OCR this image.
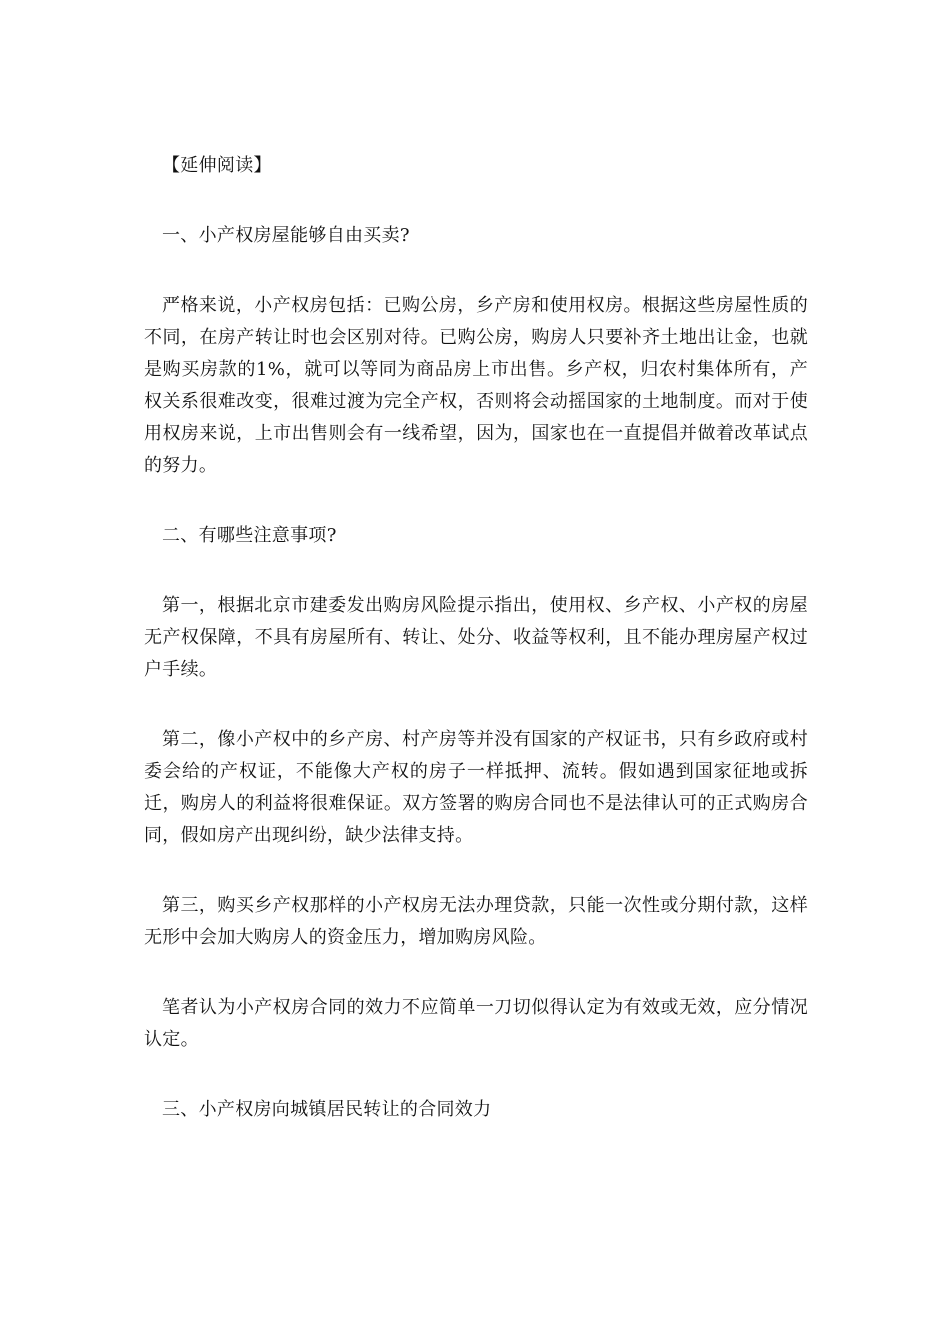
【延伸阅读】

一、小产权房屋能够自由买卖?

严格来说，小产权房包括：已购公房，乡产房和使用权房。根据这些房屋性质的不同，在房产转让时也会区别对待。已购公房，购房人只要补齐土地出让金，也就是购买房款的1%，就可以等同为商品房上市出售。乡产权，归农村集体所有，产权关系很难改变，很难过渡为完全产权，否则将会动摇国家的土地制度。而对于使用权房来说，上市出售则会有一线希望，因为，国家也在一直提倡并做着改革试点的努力。

二、有哪些注意事项?

第一，根据北京市建委发出购房风险提示指出，使用权、乡产权、小产权的房屋无产权保障，不具有房屋所有、转让、处分、收益等权利，且不能办理房屋产权过户手续。

第二，像小产权中的乡产房、村产房等并没有国家的产权证书，只有乡政府或村委会给的产权证，不能像大产权的房子一样抵押、流转。假如遇到国家征地或拆迁，购房人的利益将很难保证。双方签署的购房合同也不是法律认可的正式购房合同，假如房产出现纠纷，缺少法律支持。

第三，购买乡产权那样的小产权房无法办理贷款，只能一次性或分期付款，这样无形中会加大购房人的资金压力，增加购房风险。

笔者认为小产权房合同的效力不应简单一刀切似得认定为有效或无效，应分情况认定。

三、小产权房向城镇居民转让的合同效力
